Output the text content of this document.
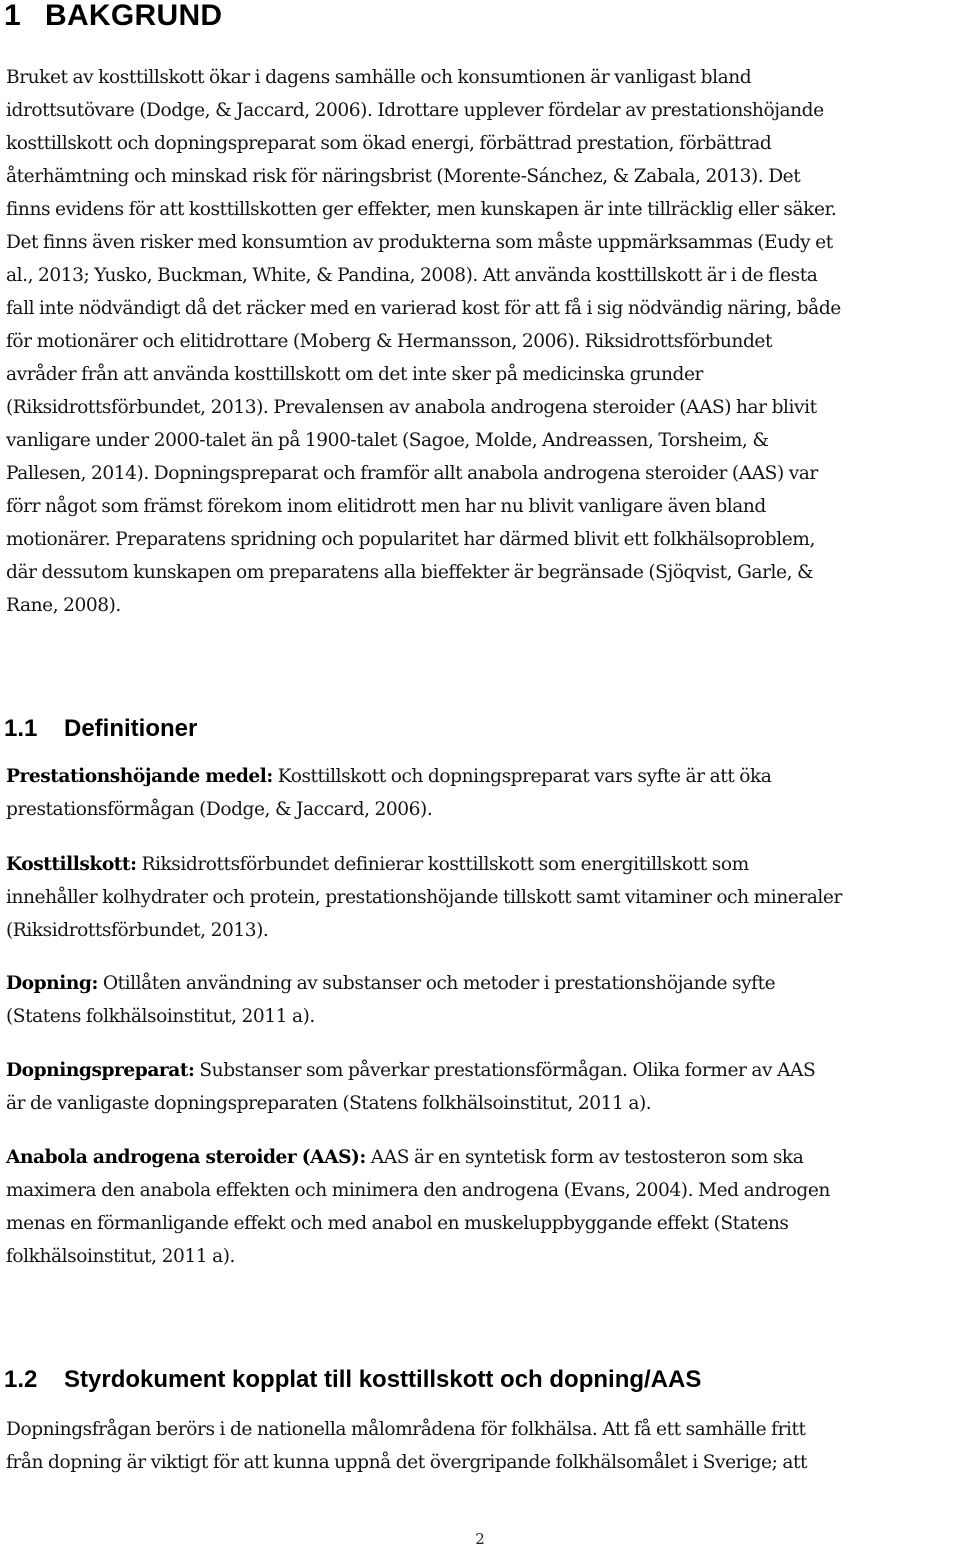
1 BAKGRUND
Bruket av kosttillskott ökar i dagens samhälle och konsumtionen är vanligast bland
idrottsutövare (Dodge, & Jaccard, 2006). Idrottare upplever fördelar av prestationshöjande
kosttillskott och dopningspreparat som ökad energi, förbättrad prestation, förbättrad
återhämtning och minskad risk för näringsbrist (Morente-Sánchez, & Zabala, 2013). Det
finns evidens för att kosttillskotten ger effekter, men kunskapen är inte tillräcklig eller säker.
Det finns även risker med konsumtion av produkterna som måste uppmärksammas (Eudy et
al., 2013; Yusko, Buckman, White, & Pandina, 2008). Att använda kosttillskott är i de flesta
fall inte nödvändigt då det räcker med en varierad kost för att få i sig nödvändig näring, både
för motionärer och elitidrottare (Moberg & Hermansson, 2006). Riksidrottsförbundet
avråder från att använda kosttillskott om det inte sker på medicinska grunder
(Riksidrottsförbundet, 2013). Prevalensen av anabola androgena steroider (AAS) har blivit
vanligare under 2000-talet än på 1900-talet (Sagoe, Molde, Andreassen, Torsheim, &
Pallesen, 2014). Dopningspreparat och framför allt anabola androgena steroider (AAS) var
förr något som främst förekom inom elitidrott men har nu blivit vanligare även bland
motionärer. Preparatens spridning och popularitet har därmed blivit ett folkhälsoproblem,
där dessutom kunskapen om preparatens alla bieffekter är begränsade (Sjöqvist, Garle, &
Rane, 2008).
1.1 Definitioner
Prestationshöjande medel: Kosttillskott och dopningspreparat vars syfte är att öka
prestationsförmågan (Dodge, & Jaccard, 2006).
Kosttillskott: Riksidrottsförbundet definierar kosttillskott som energitillskott som
innehåller kolhydrater och protein, prestationshöjande tillskott samt vitaminer och mineraler
(Riksidrottsförbundet, 2013).
Dopning: Otillåten användning av substanser och metoder i prestationshöjande syfte
(Statens folkhälsoinstitut, 2011 a).
Dopningspreparat: Substanser som påverkar prestationsförmågan. Olika former av AAS
är de vanligaste dopningspreparaten (Statens folkhälsoinstitut, 2011 a).
Anabola androgena steroider (AAS): AAS är en syntetisk form av testosteron som ska
maximera den anabola effekten och minimera den androgena (Evans, 2004). Med androgen
menas en förmanligande effekt och med anabol en muskeluppbyggande effekt (Statens
folkhälsoinstitut, 2011 a).
1.2 Styrdokument kopplat till kosttillskott och dopning/AAS
Dopningsfrågan berörs i de nationella målområdena för folkhälsa. Att få ett samhälle fritt
från dopning är viktigt för att kunna uppnå det övergripande folkhälsomålet i Sverige; att
2
